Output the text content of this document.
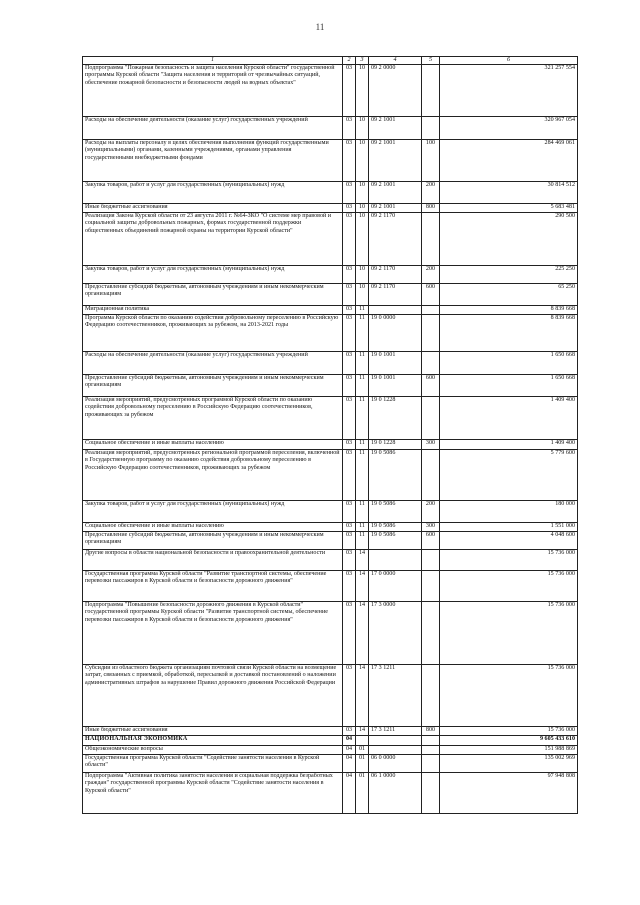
11
1	2	3	4	5	6
Подпрограмма "Пожарная безопасность и защита населения Курской области" государственной программы Курской области "Защита населения и территорий от чрезвычайных ситуаций, обеспечение пожарной безопасности и безопасности людей на водных объектах"	03	10	09 2 0000		321 257 554
Расходы на обеспечение деятельности (оказание услуг) государственных учреждений	03	10	09 2 1001		320 967 054
Расходы на выплаты персоналу в целях обеспечения выполнения функций государственными (муниципальными) органами, казенными учреждениями, органами управления государственными внебюджетными фондами	03	10	09 2 1001	100	284 469 061
Закупка товаров, работ и услуг для государственных (муниципальных) нужд	03	10	09 2 1001	200	30 814 512
Иные бюджетные ассигнования	03	10	09 2 1001	800	5 683 481
Реализация Закона Курской области от 23 августа 2011 г. №64-ЗКО "О системе мер правовой и социальной защиты добровольных пожарных, формах государственной поддержки общественных объединений пожарной охраны на территории Курской области"	03	10	09 2 1170		290 500
Закупка товаров, работ и услуг для государственных (муниципальных) нужд	03	10	09 2 1170	200	225 250
Предоставление субсидий бюджетным, автономным учреждениям и иным некоммерческим организациям	03	10	09 2 1170	600	65 250
Миграционная политика	03	11			8 839 668
Программа Курской области по оказанию содействия добровольному переселению в Российскую Федерацию соотечественников, проживающих за рубежом, на 2013-2021 годы	03	11	19 0 0000		8 839 668
Расходы на обеспечение деятельности (оказание услуг) государственных учреждений	03	11	19 0 1001		1 650 668
Предоставление субсидий бюджетным, автономным учреждениям и иным некоммерческим организациям	03	11	19 0 1001	600	1 650 668
Реализация мероприятий, предусмотренных программой Курской области по оказанию содействия добровольному переселению в Российскую Федерацию соотечественников, проживающих за рубежом	03	11	19 0 1228		1 409 400
Социальное обеспечение и иные выплаты населению	03	11	19 0 1228	300	1 409 400
Реализация мероприятий, предусмотренных региональной программой переселения, включенной в Государственную программу по оказанию содействия добровольному переселению в Российскую Федерацию соотечественников, проживающих за рубежом	03	11	19 0 5086		5 779 600
Закупка товаров, работ и услуг для государственных (муниципальных) нужд	03	11	19 0 5086	200	180 000
Социальное обеспечение и иные выплаты населению	03	11	19 0 5086	300	1 551 000
Предоставление субсидий бюджетным, автономным учреждениям и иным некоммерческим организациям	03	11	19 0 5086	600	4 048 600
Другие вопросы в области национальной безопасности и правоохранительной деятельности	03	14			15 736 000
Государственная программа Курской области "Развитие транспортной системы, обеспечение перевозки пассажиров в Курской области и безопасности дорожного движения"	03	14	17 0 0000		15 736 000
Подпрограмма "Повышение безопасности дорожного движения в Курской области" государственной программы Курской области "Развитие транспортной системы, обеспечение перевозки пассажиров в Курской области и безопасности дорожного движения"	03	14	17 3 0000		15 736 000
Субсидии из областного бюджета организациям почтовой связи Курской области на возмещение затрат, связанных с приемкой, обработкой, пересылкой и доставкой постановлений о наложении административных штрафов за нарушение Правил дорожного движения Российской Федерации	03	14	17 3 1211		15 736 000
Иные бюджетные ассигнования	03	14	17 3 1211	800	15 736 000
НАЦИОНАЛЬНАЯ ЭКОНОМИКА	04				9 605 433 610
Общеэкономические вопросы	04	01			151 988 869
Государственная программа Курской области "Содействие занятости населения в Курской области"	04	01	06 0 0000		135 002 969
Подпрограмма "Активная политика занятости населения и социальная поддержка безработных граждан" государственной программы Курской области "Содействие занятости населения в Курской области"	04	01	06 1 0000		97 948 808
